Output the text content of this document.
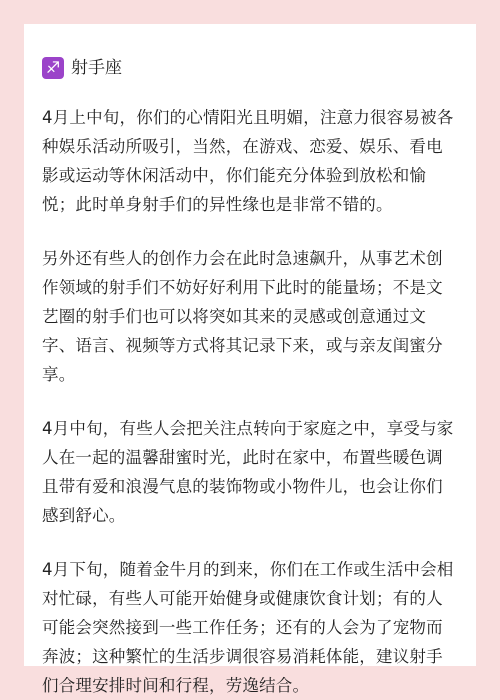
♐ 射手座

4月上中旬，你们的心情阳光且明媚，注意力很容易被各种娱乐活动所吸引，当然，在游戏、恋爱、娱乐、看电影或运动等休闲活动中，你们能充分体验到放松和愉悦；此时单身射手们的异性缘也是非常不错的。

另外还有些人的创作力会在此时急速飙升，从事艺术创作领域的射手们不妨好好利用下此时的能量场；不是文艺圈的射手们也可以将突如其来的灵感或创意通过文字、语言、视频等方式将其记录下来，或与亲友闺蜜分享。

4月中旬，有些人会把关注点转向于家庭之中，享受与家人在一起的温馨甜蜜时光，此时在家中，布置些暖色调且带有爱和浪漫气息的装饰物或小物件儿，也会让你们感到舒心。

4月下旬，随着金牛月的到来，你们在工作或生活中会相对忙碌，有些人可能开始健身或健康饮食计划；有的人可能会突然接到一些工作任务；还有的人会为了宠物而奔波；这种繁忙的生活步调很容易消耗体能，建议射手们合理安排时间和行程，劳逸结合。
